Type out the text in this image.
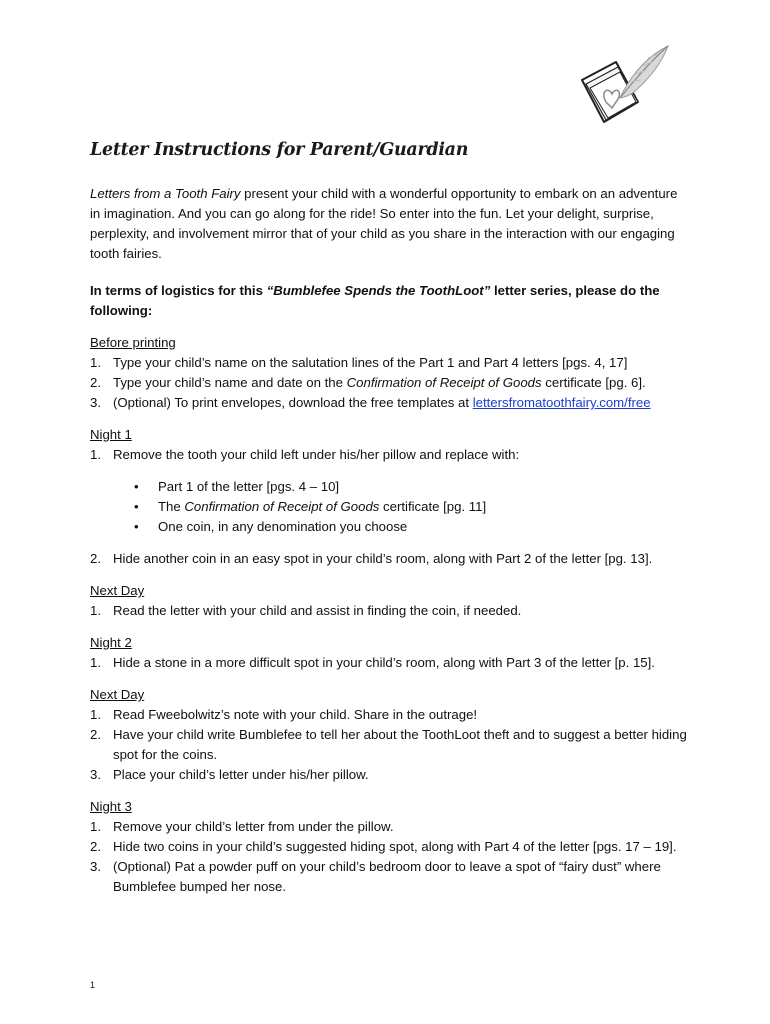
Letter Instructions for Parent/Guardian

Letters from a Tooth Fairy present your child with a wonderful opportunity to embark on an adventure in imagination. And you can go along for the ride! So enter into the fun. Let your delight, surprise, perplexity, and involvement mirror that of your child as you share in the interaction with our engaging tooth fairies.

In terms of logistics for this “Bumblefee Spends the ToothLoot” letter series, please do the following:

Before printing
1. Type your child’s name on the salutation lines of the Part 1 and Part 4 letters [pgs. 4, 17]
2. Type your child’s name and date on the Confirmation of Receipt of Goods certificate [pg. 6].
3. (Optional) To print envelopes, download the free templates at lettersfromatoothfairy.com/free
Night 1
1. Remove the tooth your child left under his/her pillow and replace with:
•	Part 1 of the letter [pgs. 4 – 10]
•	The Confirmation of Receipt of Goods certificate [pg. 11]
•	One coin, in any denomination you choose
2. Hide another coin in an easy spot in your child’s room, along with Part 2 of the letter [pg. 13].
Next Day
1. Read the letter with your child and assist in finding the coin, if needed.
Night 2
1. Hide a stone in a more difficult spot in your child’s room, along with Part 3 of the letter [p. 15].
Next Day
1. Read Fweebolwitz’s note with your child. Share in the outrage!
2. Have your child write Bumblefee to tell her about the ToothLoot theft and to suggest a better hiding spot for the coins.
3. Place your child’s letter under his/her pillow.
Night 3
1. Remove your child’s letter from under the pillow.
2. Hide two coins in your child’s suggested hiding spot, along with Part 4 of the letter [pgs. 17 – 19].
3. (Optional) Pat a powder puff on your child’s bedroom door to leave a spot of “fairy dust” where Bumblefee bumped her nose.
1
